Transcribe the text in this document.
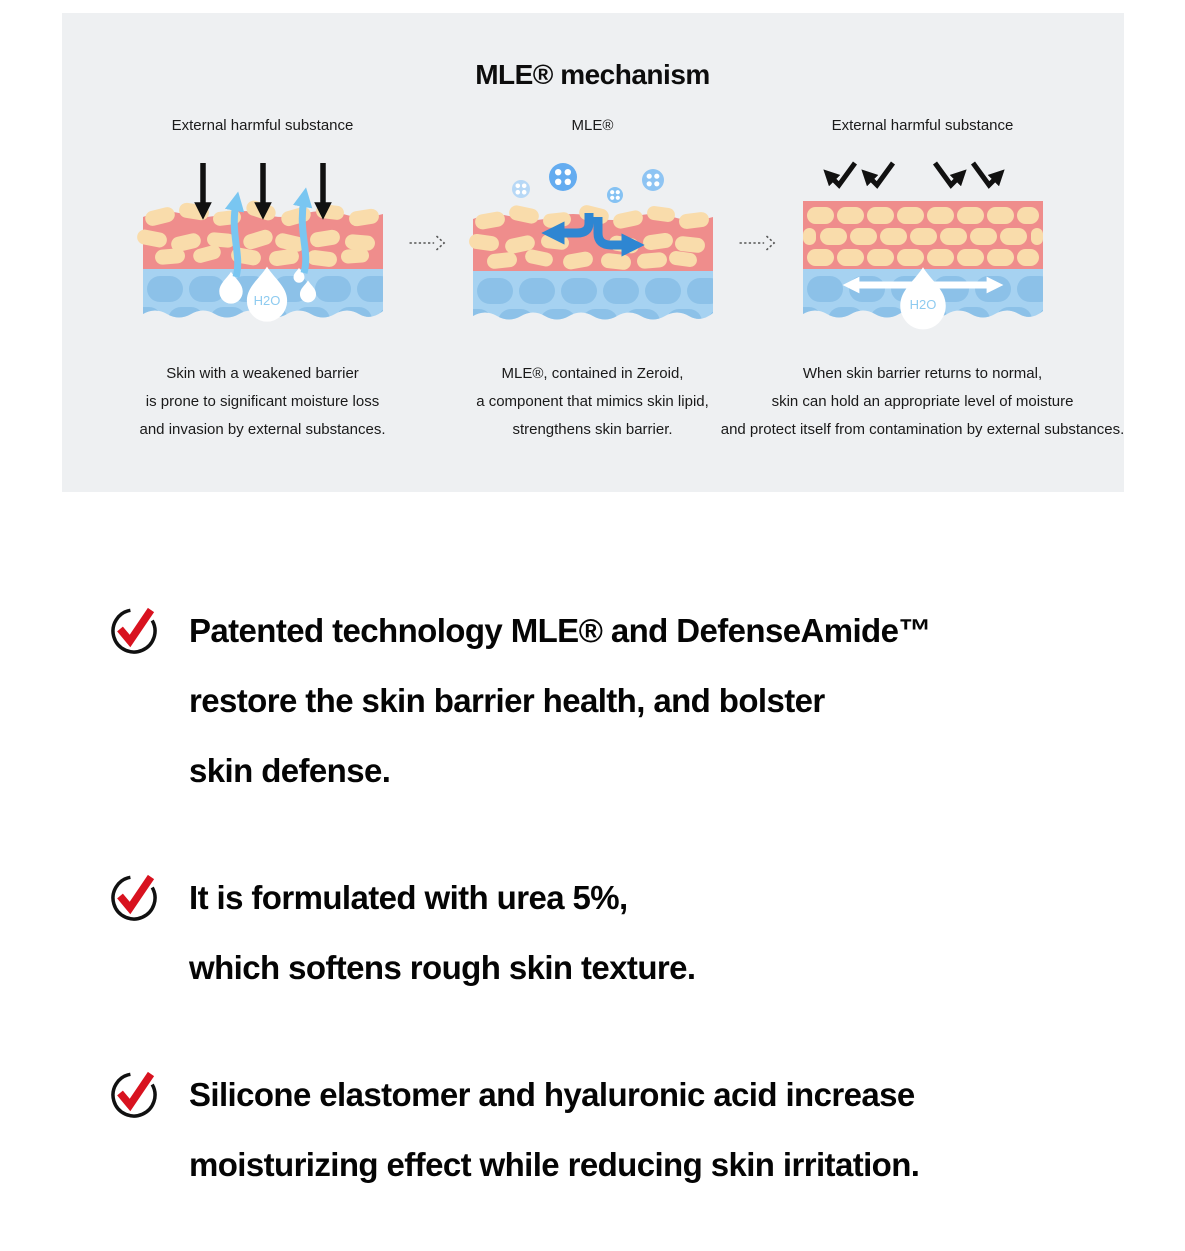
MLE® mechanism
External harmful substance
H2O
Skin with a weakened barrier
is prone to significant moisture loss
and invasion by external substances.
MLE®
MLE®, contained in Zeroid,
a component that mimics skin lipid,
strengthens skin barrier.
External harmful substance
H2O
When skin barrier returns to normal,
skin can hold an appropriate level of moisture
and protect itself from contamination by external substances.
Patented technology MLE® and DefenseAmide™
restore the skin barrier health, and bolster
skin defense.
It is formulated with urea 5%,
which softens rough skin texture.
Silicone elastomer and hyaluronic acid increase
moisturizing effect while reducing skin irritation.
